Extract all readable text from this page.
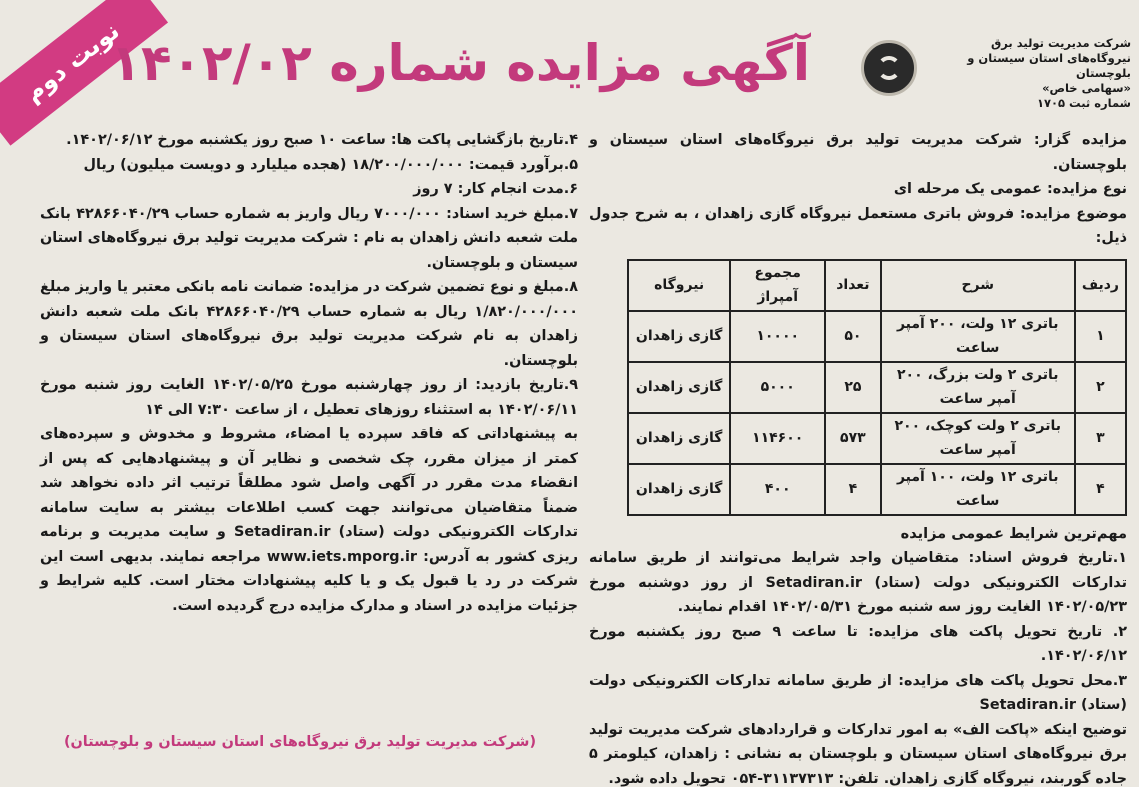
نوبت دوم
آگهی مزایده شماره ۱۴۰۲/۰۲	شرکت مدیریت تولید برق
نیروگاه‌های استان سیستان و بلوچستان
«سهامی خاص»
شماره ثبت ۱۷۰۵

مزایده گزار: شرکت مدیریت تولید برق نیروگاه‌های استان سیستان و بلوچستان.

نوع مزایده: عمومی یک مرحله ای

موضوع مزایده: فروش باتری مستعمل نیروگاه گازی زاهدان ، به شرح جدول ذیل:

ردیف	شرح	تعداد	مجموع آمپراژ	نیروگاه
۱	باتری ۱۲ ولت، ۲۰۰ آمپر ساعت	۵۰	۱۰۰۰۰	گازی زاهدان
۲	باتری ۲ ولت بزرگ، ۲۰۰ آمپر ساعت	۲۵	۵۰۰۰	گازی زاهدان
۳	باتری ۲ ولت کوچک، ۲۰۰ آمپر ساعت	۵۷۳	۱۱۴۶۰۰	گازی زاهدان
۴	باتری ۱۲ ولت، ۱۰۰ آمپر ساعت	۴	۴۰۰	گازی زاهدان

مهم‌ترین شرایط عمومی مزایده

۱.تاریخ فروش اسناد: متقاضیان واجد شرایط می‌توانند از طریق سامانه تدارکات الکترونیکی دولت (ستاد) Setadiran.ir از روز دوشنبه مورخ ۱۴۰۲/۰۵/۲۳ الغایت روز سه شنبه مورخ ۱۴۰۲/۰۵/۳۱ اقدام نمایند.

۲. تاریخ تحویل پاکت های مزایده: تا ساعت ۹ صبح روز یکشنبه مورخ ۱۴۰۲/۰۶/۱۲.

۳.محل تحویل پاکت های مزایده: از طریق سامانه تدارکات الکترونیکی دولت (ستاد) Setadiran.ir

توضیح اینکه «پاکت الف» به امور تدارکات و قراردادهای شرکت مدیریت تولید برق نیروگاه‌های استان سیستان و بلوچستان به نشانی : زاهدان، کیلومتر ۵ جاده گوربند، نیروگاه گازی زاهدان. تلفن: ۳۱۱۳۷۳۱۳-۰۵۴ تحویل داده شود.

۴.تاریخ بازگشایی پاکت ها: ساعت ۱۰ صبح روز یکشنبه مورخ ۱۴۰۲/۰۶/۱۲.

۵.برآورد قیمت: ۱۸/۲۰۰/۰۰۰/۰۰۰ (هجده میلیارد و دویست میلیون) ریال

۶.مدت انجام کار: ۷ روز

۷.مبلغ خرید اسناد: ۷۰۰۰/۰۰۰ ریال واریز به شماره حساب ۴۲۸۶۶۰۴۰/۲۹ بانک ملت شعبه دانش زاهدان به نام : شرکت مدیریت تولید برق نیروگاه‌های استان سیستان و بلوچستان.

۸.مبلغ و نوع تضمین شرکت در مزایده: ضمانت نامه بانکی معتبر یا واریز مبلغ ۱/۸۲۰/۰۰۰/۰۰۰ ریال به شماره حساب ۴۲۸۶۶۰۴۰/۲۹ بانک ملت شعبه دانش زاهدان به نام شرکت مدیریت تولید برق نیروگاه‌های استان سیستان و بلوچستان.

۹.تاریخ بازدید: از روز چهارشنبه مورخ ۱۴۰۲/۰۵/۲۵ الغایت روز شنبه مورخ ۱۴۰۲/۰۶/۱۱ به استثناء روزهای تعطیل ، از ساعت ۷:۳۰ الی ۱۴

به پیشنهاداتی که فاقد سپرده یا امضاء، مشروط و مخدوش و سپرده‌های کمتر از میزان مقرر، چک شخصی و نظایر آن و پیشنهادهایی که پس از انقضاء مدت مقرر در آگهی واصل شود مطلقاً ترتیب اثر داده نخواهد شد ضمناً متقاضیان می‌توانند جهت کسب اطلاعات بیشتر به سایت سامانه تدارکات الکترونیکی دولت (ستاد) Setadiran.ir و سایت مدیریت و برنامه ریزی کشور به آدرس: www.iets.mporg.ir مراجعه نمایند. بدیهی است این شرکت در رد یا قبول یک و یا کلیه پیشنهادات مختار است. کلیه شرایط و جزئیات مزایده در اسناد و مدارک مزایده درج گردیده است.

(شرکت مدیریت تولید برق نیروگاه‌های استان سیستان و بلوچستان)
